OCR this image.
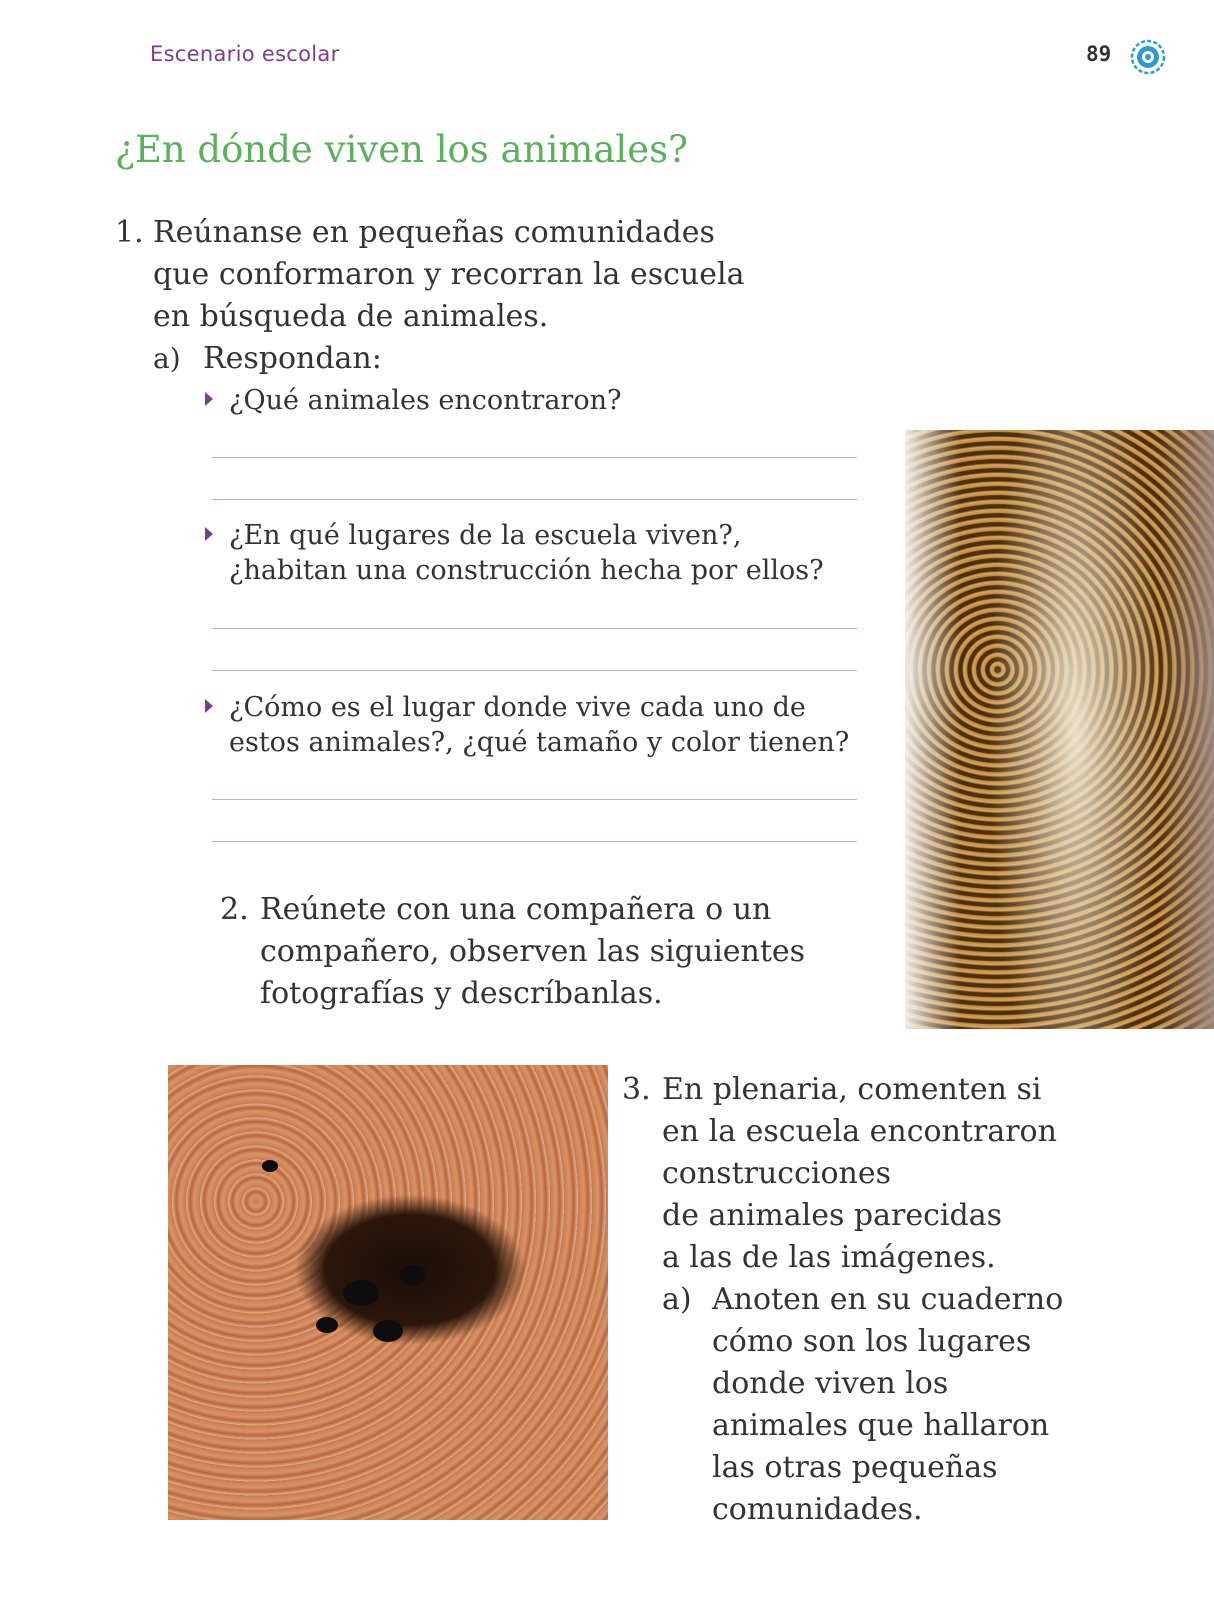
Escenario escolar	89
¿En dónde viven los animales?
1. Reúnanse en pequeñas comunidades

que conformaron y recorran la escuela

en búsqueda de animales.

a) Respondan:
¿Qué animales encontraron?
¿En qué lugares de la escuela viven?,
¿habitan una construcción hecha por ellos?
¿Cómo es el lugar donde vive cada uno de
estos animales?, ¿qué tamaño y color tienen?
2. Reúnete con una compañera o un

compañero, observen las siguientes

fotografías y descríbanlas.

3. En plenaria, comenten si

en la escuela encontraron

construcciones

de animales parecidas

a las de las imágenes.

a) Anoten en su cuaderno

cómo son los lugares

donde viven los

animales que hallaron

las otras pequeñas

comunidades.
